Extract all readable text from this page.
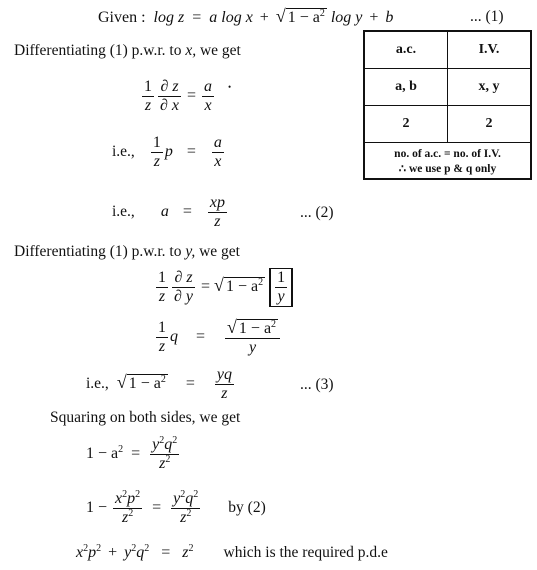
Given : log z = a log x + √ $1 - a^2$ log y + b	... (1)
Differentiating (1) p.w.r. to x, we get
$\frac{1}{z} \frac{\partial z}{\partial x} = \frac{a}{x} ^•$
i.e., $\frac{1}{z}$ $p = \frac{a}{x}$
i.e., $a = \frac{xp}{z}$	... (2)
Differentiating (1) p.w.r. to y, we get
$\frac{1}{z} \frac{\partial z}{\partial y}$ = √ $1 - a^2 \frac{1}{y}$
$\frac{1}{z}$ $q = \frac{√ 1 - a^2}{y}$
i.e., √ $1 - a^2 = \frac{yq}{z}$	... (3)
Squaring on both sides, we get
$1 - a^2 = \frac{y^2q^2}{z^2}$
$1 - \frac{x^2p^2}{z^2} = \frac{y^2q^2}{z^2}$ by (2)
$x^2p^2 + y^2q^2 = z^2$ which is the required p.d.e
a.c.	I.V.
a, b	x, y
2	2
no. of a.c. = no. of I.V.
∴ we use p & q only
